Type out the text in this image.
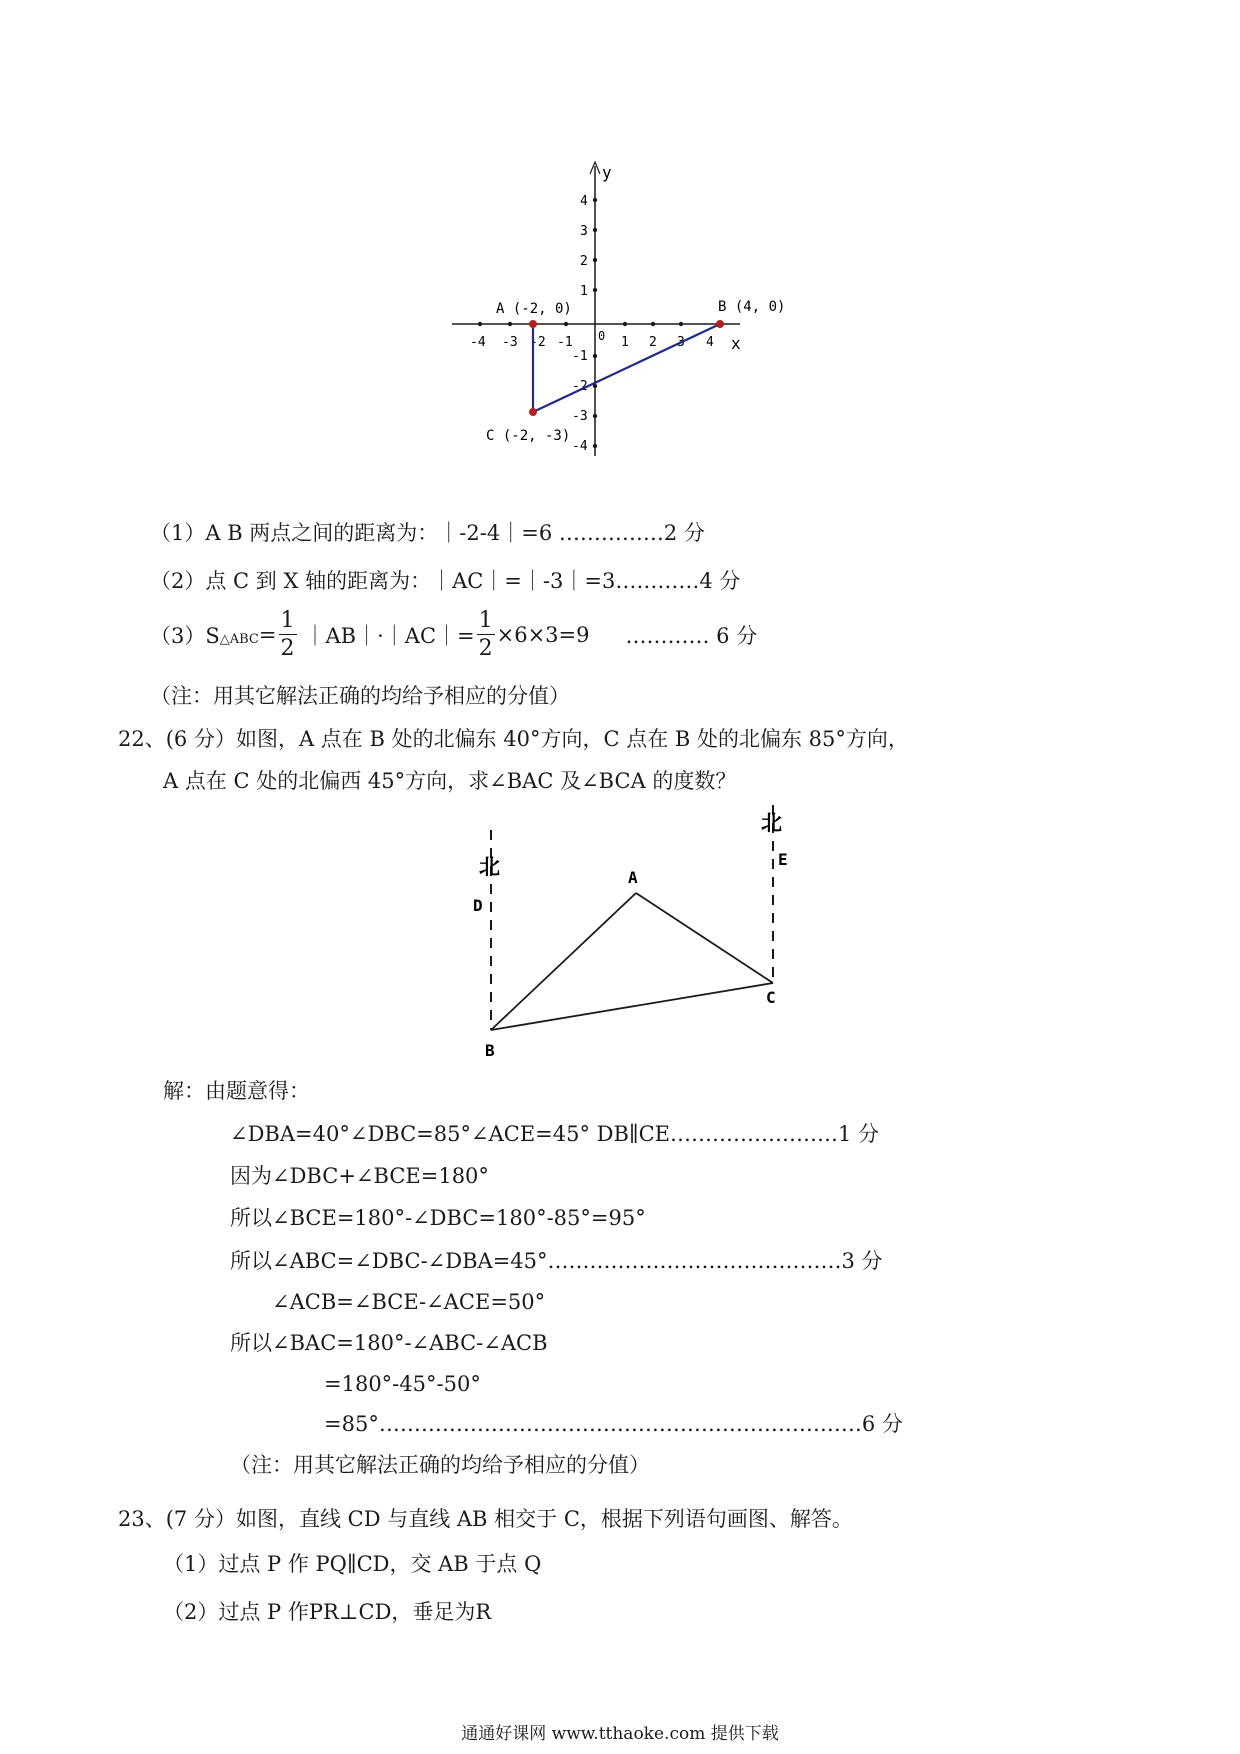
y
x
-4 -3 -2 -1 0 1 2 3 4
4
3
2
1
-1
-2
-3
-4
A (-2, 0)	B (4, 0)
C (-2, -3)
（1）A B 两点之间的距离为：｜-2-4｜=6 ……………2 分
（2）点 C 到 X 轴的距离为：｜AC｜=｜-3｜=3…………4 分
（3）S △ABC = $\frac{1}{2}$ ｜AB｜·｜AC｜= $\frac{1}{2} \times 6\times 3=9$ ………… 6 分
（注：用其它解法正确的均给予相应的分值）
22、(6 分）如图，A 点在 B 处的北偏东 40°方向，C 点在 B 处的北偏东 85°方向，
A 点在 C 处的北偏西 45°方向，求∠BAC 及∠BCA 的度数？
北
北
D
E
A
B
C
解：由题意得：
∠DBA=40°∠DBC=85°∠ACE=45° DB∥CE……………………1 分
因为∠DBC+∠BCE=180°
所以∠BCE=180°-∠DBC=180°-85°=95°
所以∠ABC=∠DBC-∠DBA=45°……………………………………3 分
∠ACB=∠BCE-∠ACE=50°
所以∠BAC=180°-∠ABC-∠ACB
=180°-45°-50°
=85°……………………………………………………………6 分
（注：用其它解法正确的均给予相应的分值）
23、(7 分）如图，直线 CD 与直线 AB 相交于 C，根据下列语句画图、解答。
（1）过点 P 作 PQ∥CD，交 AB 于点 Q
（2）过点 P 作PR⊥CD，垂足为R
通通好课网 www.tthaoke.com 提供下载
